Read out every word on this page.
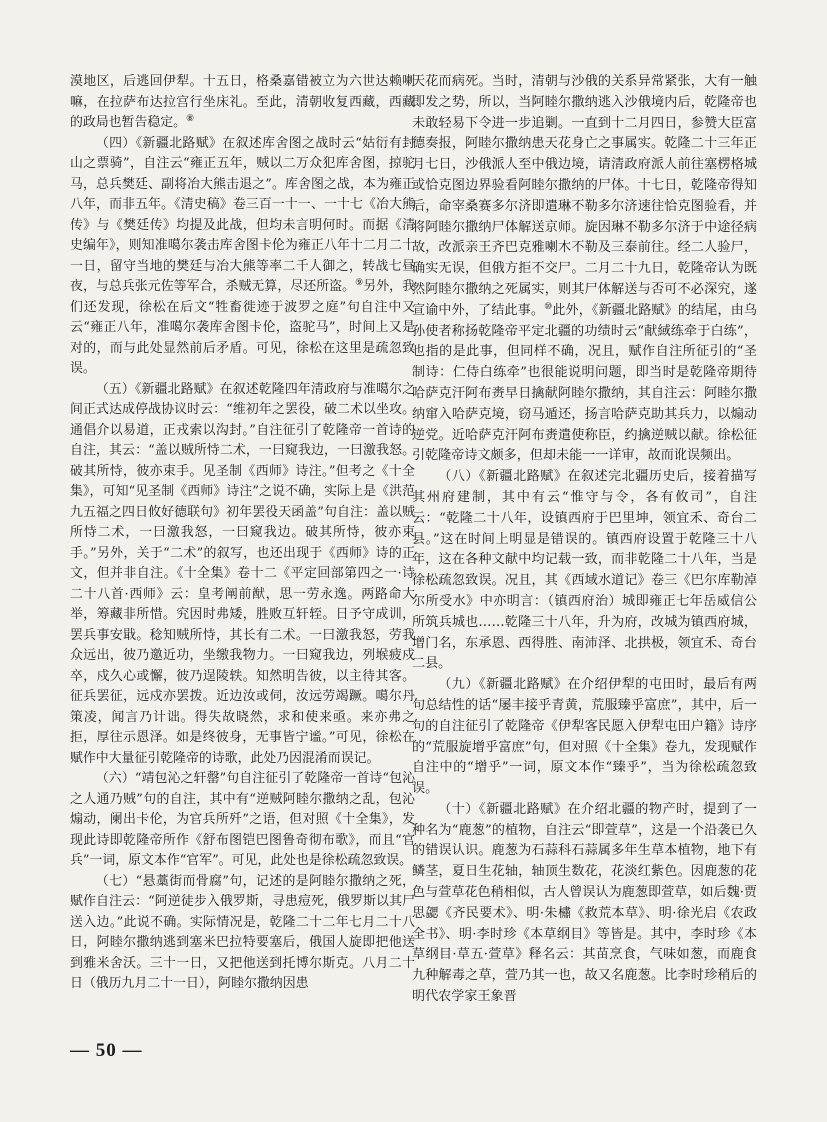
漠地区，后逃回伊犁。十五日，格桑嘉错被立为六世达赖喇嘛，在拉萨布达拉宫行坐床礼。至此，清朝收复西藏，西藏的政局也暂告稳定。⑧

（四）《新疆北路赋》在叙述库舍图之战时云“姑衍有封山之票骑”，自注云“雍正五年，贼以二万众犯库舍图，掠驼马，总兵樊廷、副将冶大熊击退之”。库舍图之战，本为雍正八年，而非五年。《清史稿》卷三百一十一、一十七《冶大熊传》与《樊廷传》均提及此战，但均未言明何时。而据《清史编年》，则知准噶尔袭击库舍图卡伦为雍正八年十二月二十一日，留守当地的樊廷与冶大熊等率二千人御之，转战七昼夜，与总兵张元佐等军合，杀贼无算，尽还所盗。⑨另外，我们还发现，徐松在后文“牲畜徙迹于波罗之庭”句自注中又云“雍正八年，准噶尔袭库舍图卡伦，盗驼马”，时间上又是对的，而与此处显然前后矛盾。可见，徐松在这里是疏忽致误。

（五）《新疆北路赋》在叙述乾隆四年清政府与准噶尔之间正式达成停战协议时云：“维初年之罢役，破二术以坐攻。通倡介以易道，正戎索以沟封。”自注征引了乾隆帝一首诗的自注，其云：“盖以贼所恃二术，一曰窥我边，一曰激我怒。破其所恃，彼亦束手。见圣制《西师》诗注。”但考之《十全集》，可知“见圣制《西师》诗注”之说不确，实际上是《洪范九五福之四日攸好德联句》初年罢役天函盖”句自注：盖以贼所恃二术，一曰激我怒，一曰窥我边。破其所恃，彼亦束手。”另外，关于“二术”的叙写，也还出现于《西师》诗的正文，但并非自注。《十全集》卷十二《平定回部第四之一·诗二十八首·西师》云：皇考阐前猷，思一劳永逸。两路命大举，筹藏非所惜。究因时弗矮，胜败互轩轾。日予守成训，罢兵事安戢。稔知贼所恃，其长有二术。一曰激我怒，劳我众远出，彼乃邀近功，坐缴我物力。一曰窥我边，列堠疲戍卒，戍久心或懈，彼乃逞陵轶。知然明告彼，以主待其客。征兵罢征，远戍亦罢拨。近边汝或伺，汝远劳竭蹶。噶尔丹策凌，闻言乃计诎。得失故晓然，求和使来亟。来亦弗之拒，厚往示恩泽。如是终彼身，无事皆宁谧。”可见，徐松在赋作中大量征引乾隆帝的诗歌，此处乃因混淆而误记。

（六）“靖包沁之轩罄”句自注征引了乾隆帝一首诗“包沁之人通乃贼”句的自注，其中有“逆贼阿睦尔撒纳之乱，包沁煽动，阑出卡伦，为官兵所歼”之语，但对照《十全集》，发现此诗即乾隆帝所作《舒布图铠巴图鲁奇彻布歌》，而且“官兵”一词，原文本作“官军”。可见，此处也是徐松疏忽致误。

（七）“悬藁街而骨腐”句，记述的是阿睦尔撒纳之死，赋作自注云：“阿逆徒步入俄罗斯，寻患痘死，俄罗斯以其尸送入边。”此说不确。实际情况是，乾隆二十二年七月二十八日，阿睦尔撒纳逃到塞米巴拉特要塞后，俄国人旋即把他送到雅米舍沃。三十一日，又把他送到托博尔斯克。八月二十日（俄历九月二十一日），阿睦尔撒纳因患

天花而病死。当时，清朝与沙俄的关系异常紧张，大有一触即发之势，所以，当阿睦尔撒纳逃入沙俄境内后，乾隆帝也未敢轻易下令进一步追剿。一直到十二月四日，参赞大臣富德奏报，阿睦尔撒纳患天花身亡之事属实。乾隆二十三年正月七日，沙俄派人至中俄边境，请清政府派人前往塞楞格城或恰克图边界验看阿睦尔撒纳的尸体。十七日，乾隆帝得知后，命宰桑赛多尔济即遣琳不勒多尔济速往恰克图验看，并将阿睦尔撒纳尸体解送京师。旋因琳不勒多尔济于中途径病故，改派亲王齐巴克雅喇木不勒及三泰前往。经二人验尸，确实无误，但俄方拒不交尸。二月二十九日，乾隆帝认为既然阿睦尔撒纳之死属实，则其尸体解送与否可不必深究，遂宣谕中外，了结此事。⑩此外，《新疆北路赋》的结尾，由乌孙使者称扬乾隆帝平定北疆的功绩时云“献緎练牵于白练”，也指的是此事，但同样不确，况且，赋作自注所征引的“圣制诗：仁侍白练牵”也很能说明问题，即当时是乾隆帝期待哈萨克汗阿布赉早日擒献阿睦尔撒纳，其自注云：阿睦尔撒纳窜入哈萨克境，窃马遁还，扬言哈萨克助其兵力，以煽动逆党。近哈萨克汗阿布赉遣使称臣，约擒逆贼以献。徐松征引乾隆帝诗文颇多，但却未能一一详审，故而讹误频出。

（八）《新疆北路赋》在叙述完北疆历史后，接着描写其州府建制，其中有云“惟守与令，各有攸司”，自注云：“乾隆二十八年，设镇西府于巴里坤，领宜禾、奇台二县。”这在时间上明显是错误的。镇西府设置于乾隆三十八年，这在各种文献中均记载一致，而非乾隆二十八年，当是徐松疏忽致误。况且，其《西域水道记》卷三《巴尔库勒淖尔所受水》中亦明言：（镇西府治）城即雍正七年岳威信公所筑兵城也……乾隆三十八年，升为府，改城为镇西府城，增门名，东承恩、西得胜、南沛泽、北拱极，领宜禾、奇台二县。

（九）《新疆北路赋》在介绍伊犁的屯田时，最后有两句总结性的话“屡丰接乎青黄，荒服臻乎富庶”，其中，后一句的自注征引了乾隆帝《伊犁客民愿入伊犁屯田户籍》诗序的“荒服旋增乎富庶”句，但对照《十全集》卷九，发现赋作自注中的“增乎”一词，原文本作“臻乎”，当为徐松疏忽致误。

（十）《新疆北路赋》在介绍北疆的物产时，提到了一种名为“鹿葱”的植物，自注云“即萱草”，这是一个沿袭已久的错误认识。鹿葱为石蒜科石蒜属多年生草本植物，地下有鳞茎，夏日生花轴，轴顶生数花，花淡红紫色。因鹿葱的花色与萱草花色稍相似，古人曾误认为鹿葱即萱草，如后魏·贾思勰《齐民要术》、明·朱橚《救荒本草》、明·徐光启《农政全书》、明·李时珍《本草纲目》等皆是。其中，李时珍《本草纲目·草五·萱草》释名云：其苗烹食，气味如葱，而鹿食九种解毒之草，萱乃其一也，故又名鹿葱。比李时珍稍后的明代农学家王象晋

— 50 —
